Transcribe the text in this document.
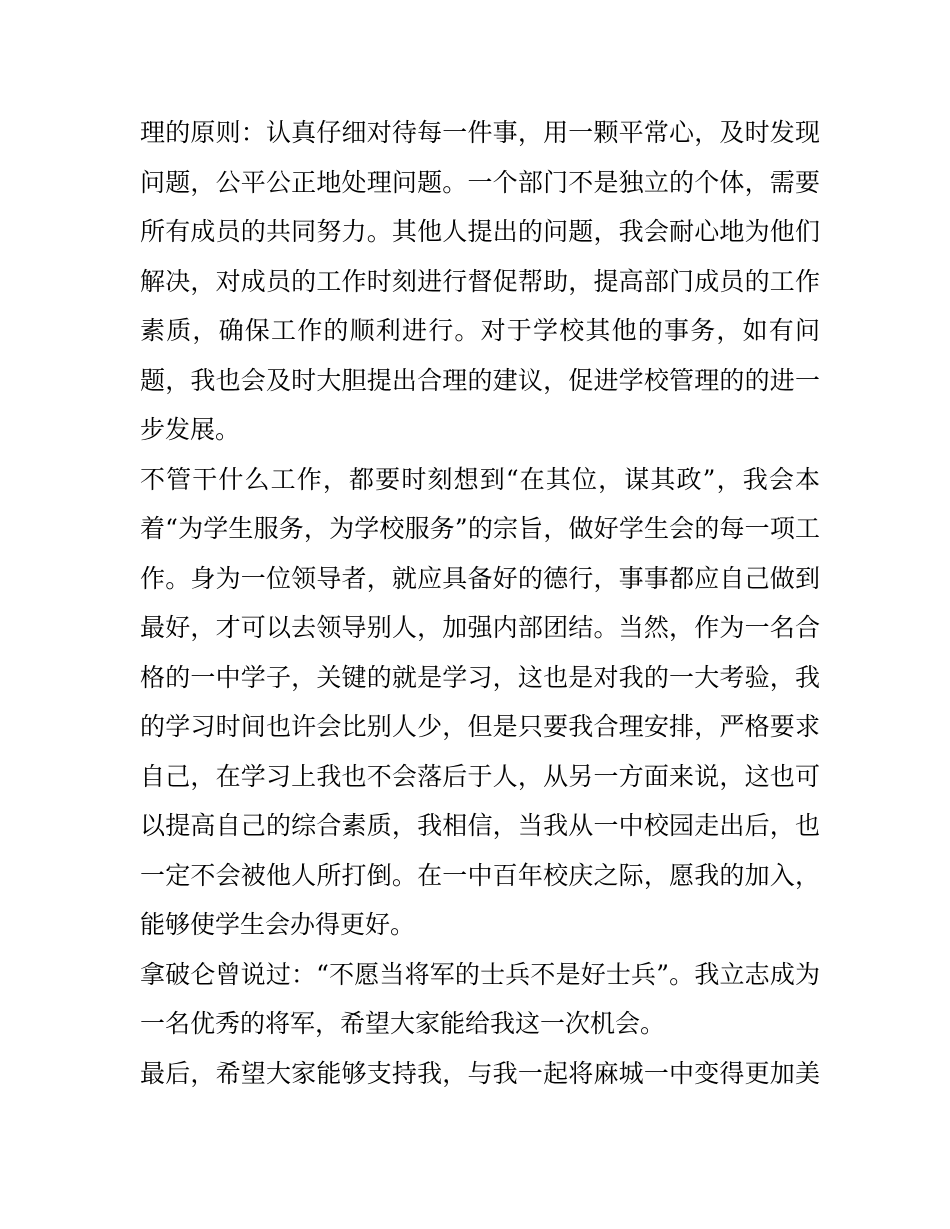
理的原则：认真仔细对待每一件事，用一颗平常心，及时发现
问题，公平公正地处理问题。一个部门不是独立的个体，需要
所有成员的共同努力。其他人提出的问题，我会耐心地为他们
解决，对成员的工作时刻进行督促帮助，提高部门成员的工作
素质，确保工作的顺利进行。对于学校其他的事务，如有问
题，我也会及时大胆提出合理的建议，促进学校管理的的进一
步发展。
不管干什么工作，都要时刻想到“在其位，谋其政”，我会本
着“为学生服务，为学校服务”的宗旨，做好学生会的每一项工
作。身为一位领导者，就应具备好的德行，事事都应自己做到
最好，才可以去领导别人，加强内部团结。当然，作为一名合
格的一中学子，关键的就是学习，这也是对我的一大考验，我
的学习时间也许会比别人少，但是只要我合理安排，严格要求
自己，在学习上我也不会落后于人，从另一方面来说，这也可
以提高自己的综合素质，我相信，当我从一中校园走出后，也
一定不会被他人所打倒。在一中百年校庆之际，愿我的加入，
能够使学生会办得更好。
拿破仑曾说过：“不愿当将军的士兵不是好士兵”。我立志成为
一名优秀的将军，希望大家能给我这一次机会。
最后，希望大家能够支持我，与我一起将麻城一中变得更加美
